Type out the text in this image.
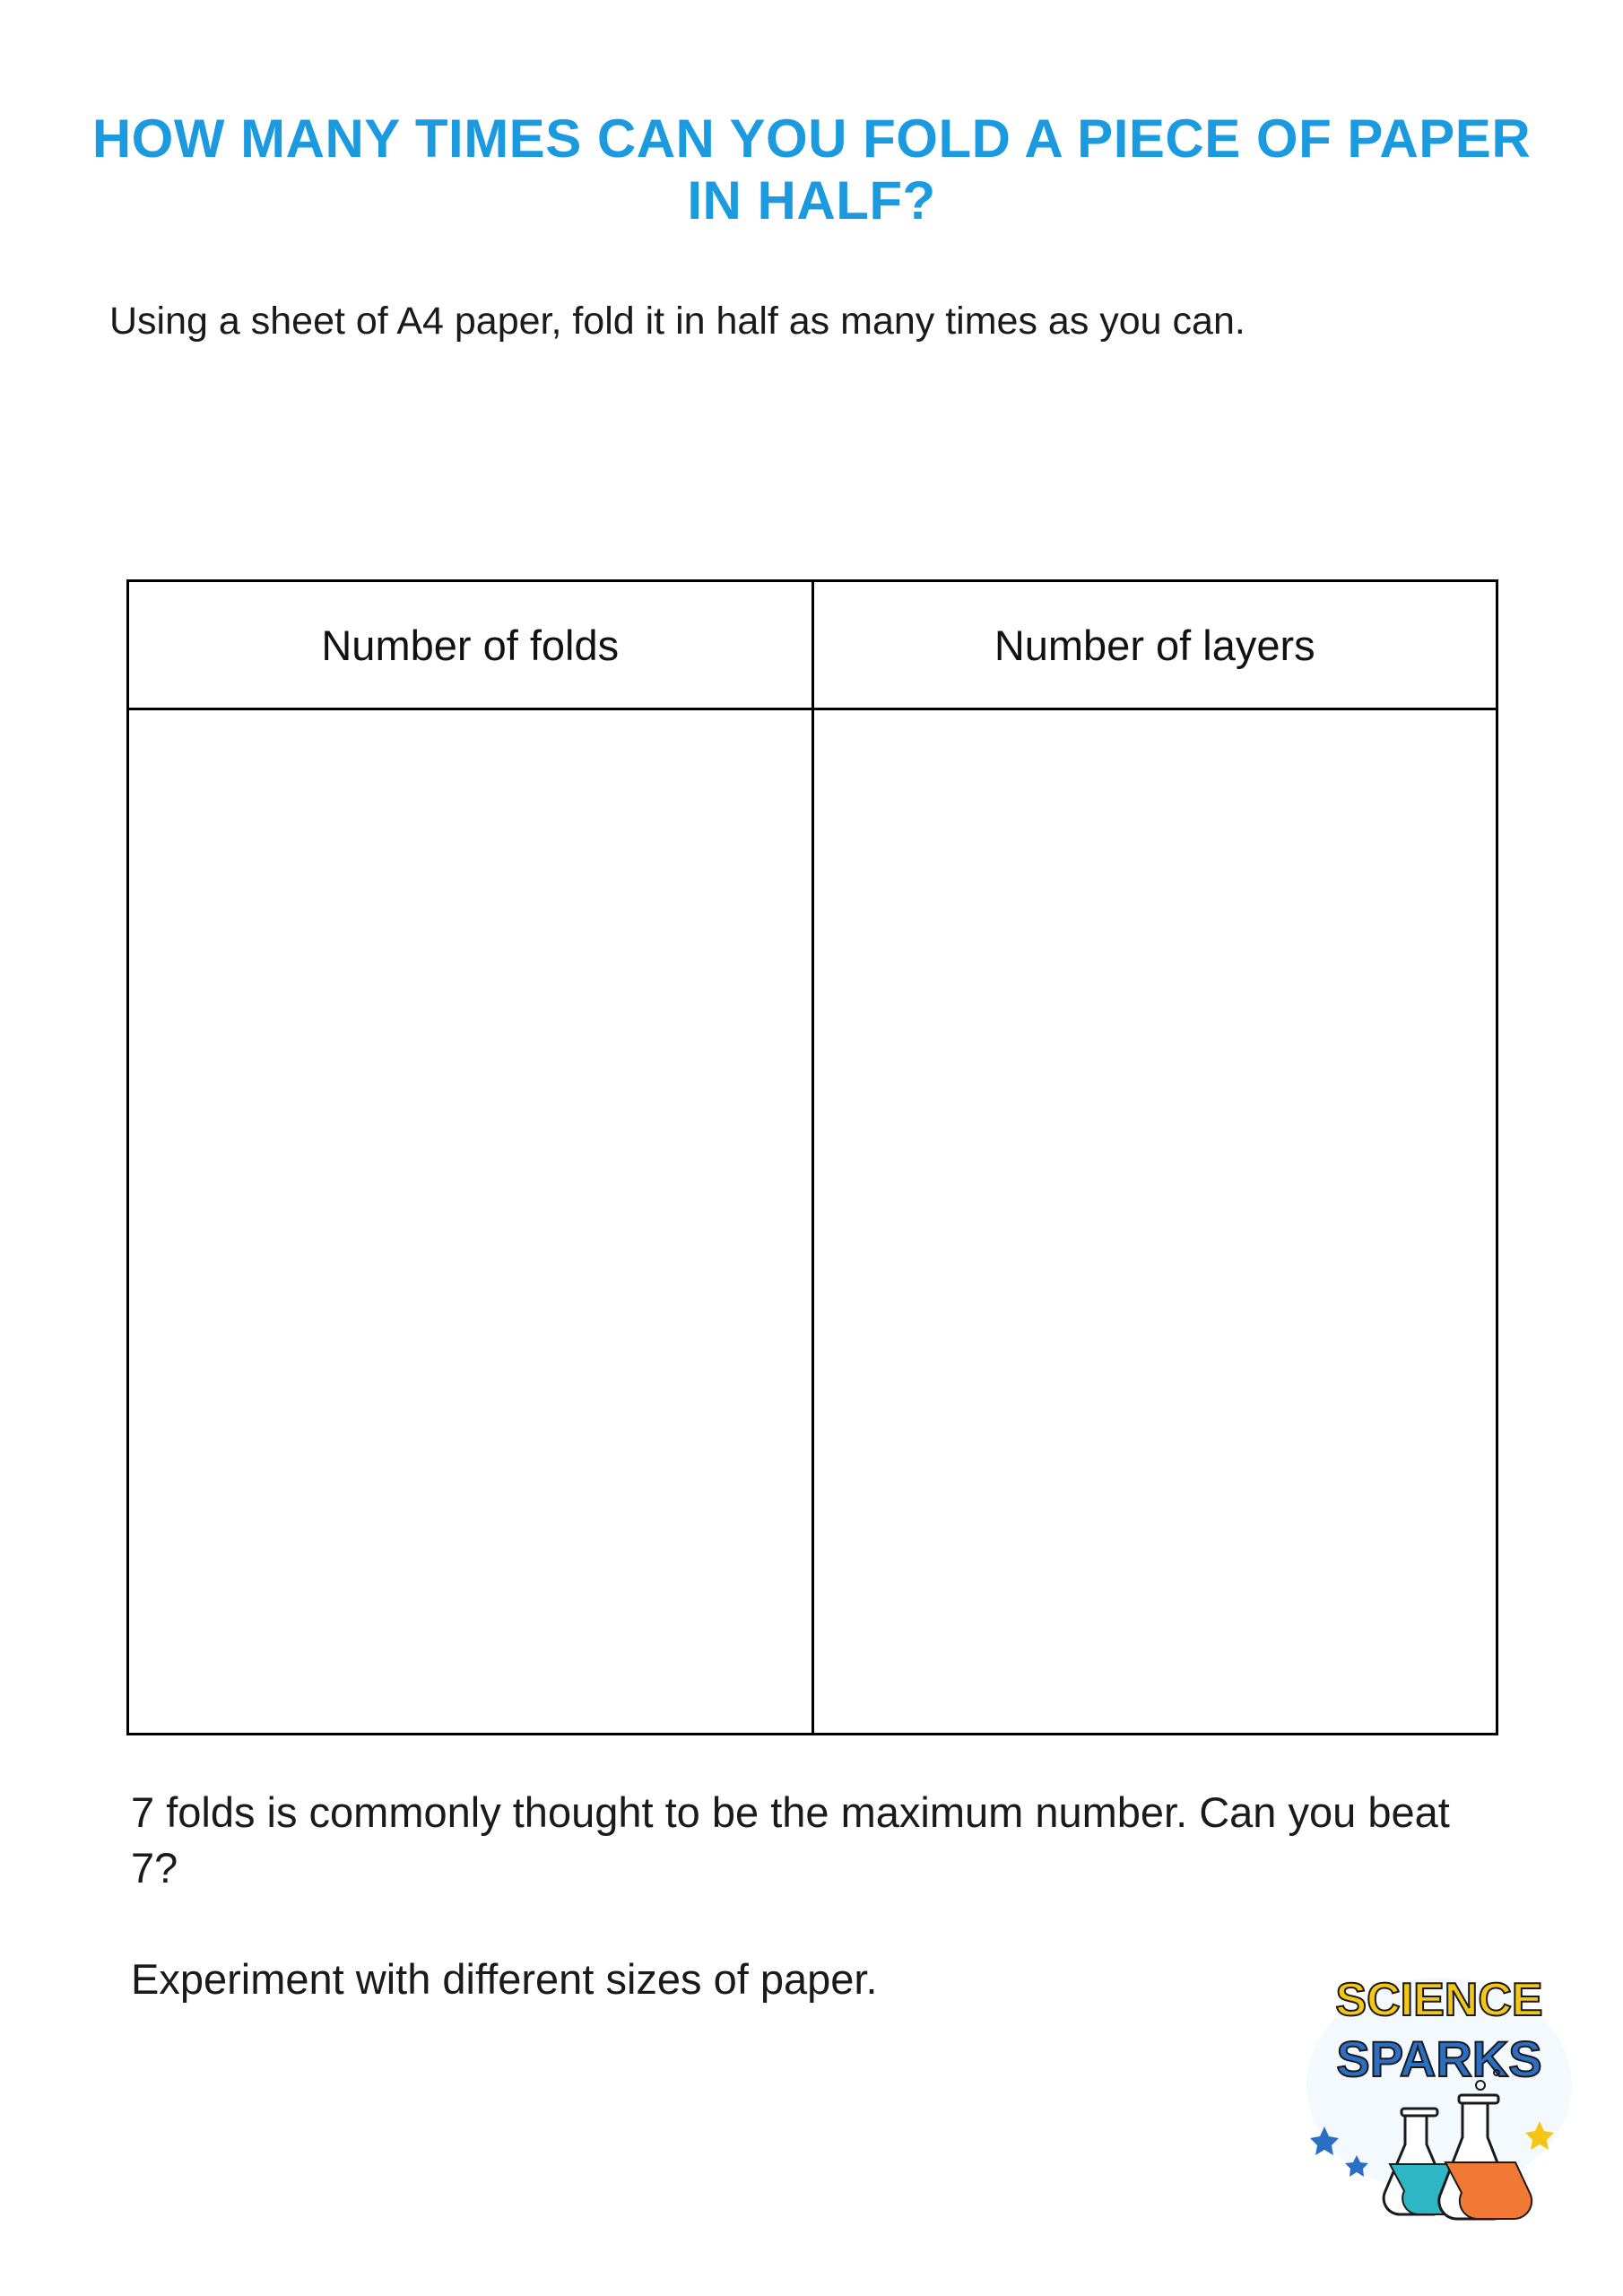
HOW MANY TIMES CAN YOU FOLD A PIECE OF PAPER IN HALF?

Using a sheet of A4 paper, fold it in half as many times as you can.

Number of folds	Number of layers

7 folds is commonly thought to be the maximum number. Can you beat 7?

Experiment with different sizes of paper.	SCIENCE
SPARKS
